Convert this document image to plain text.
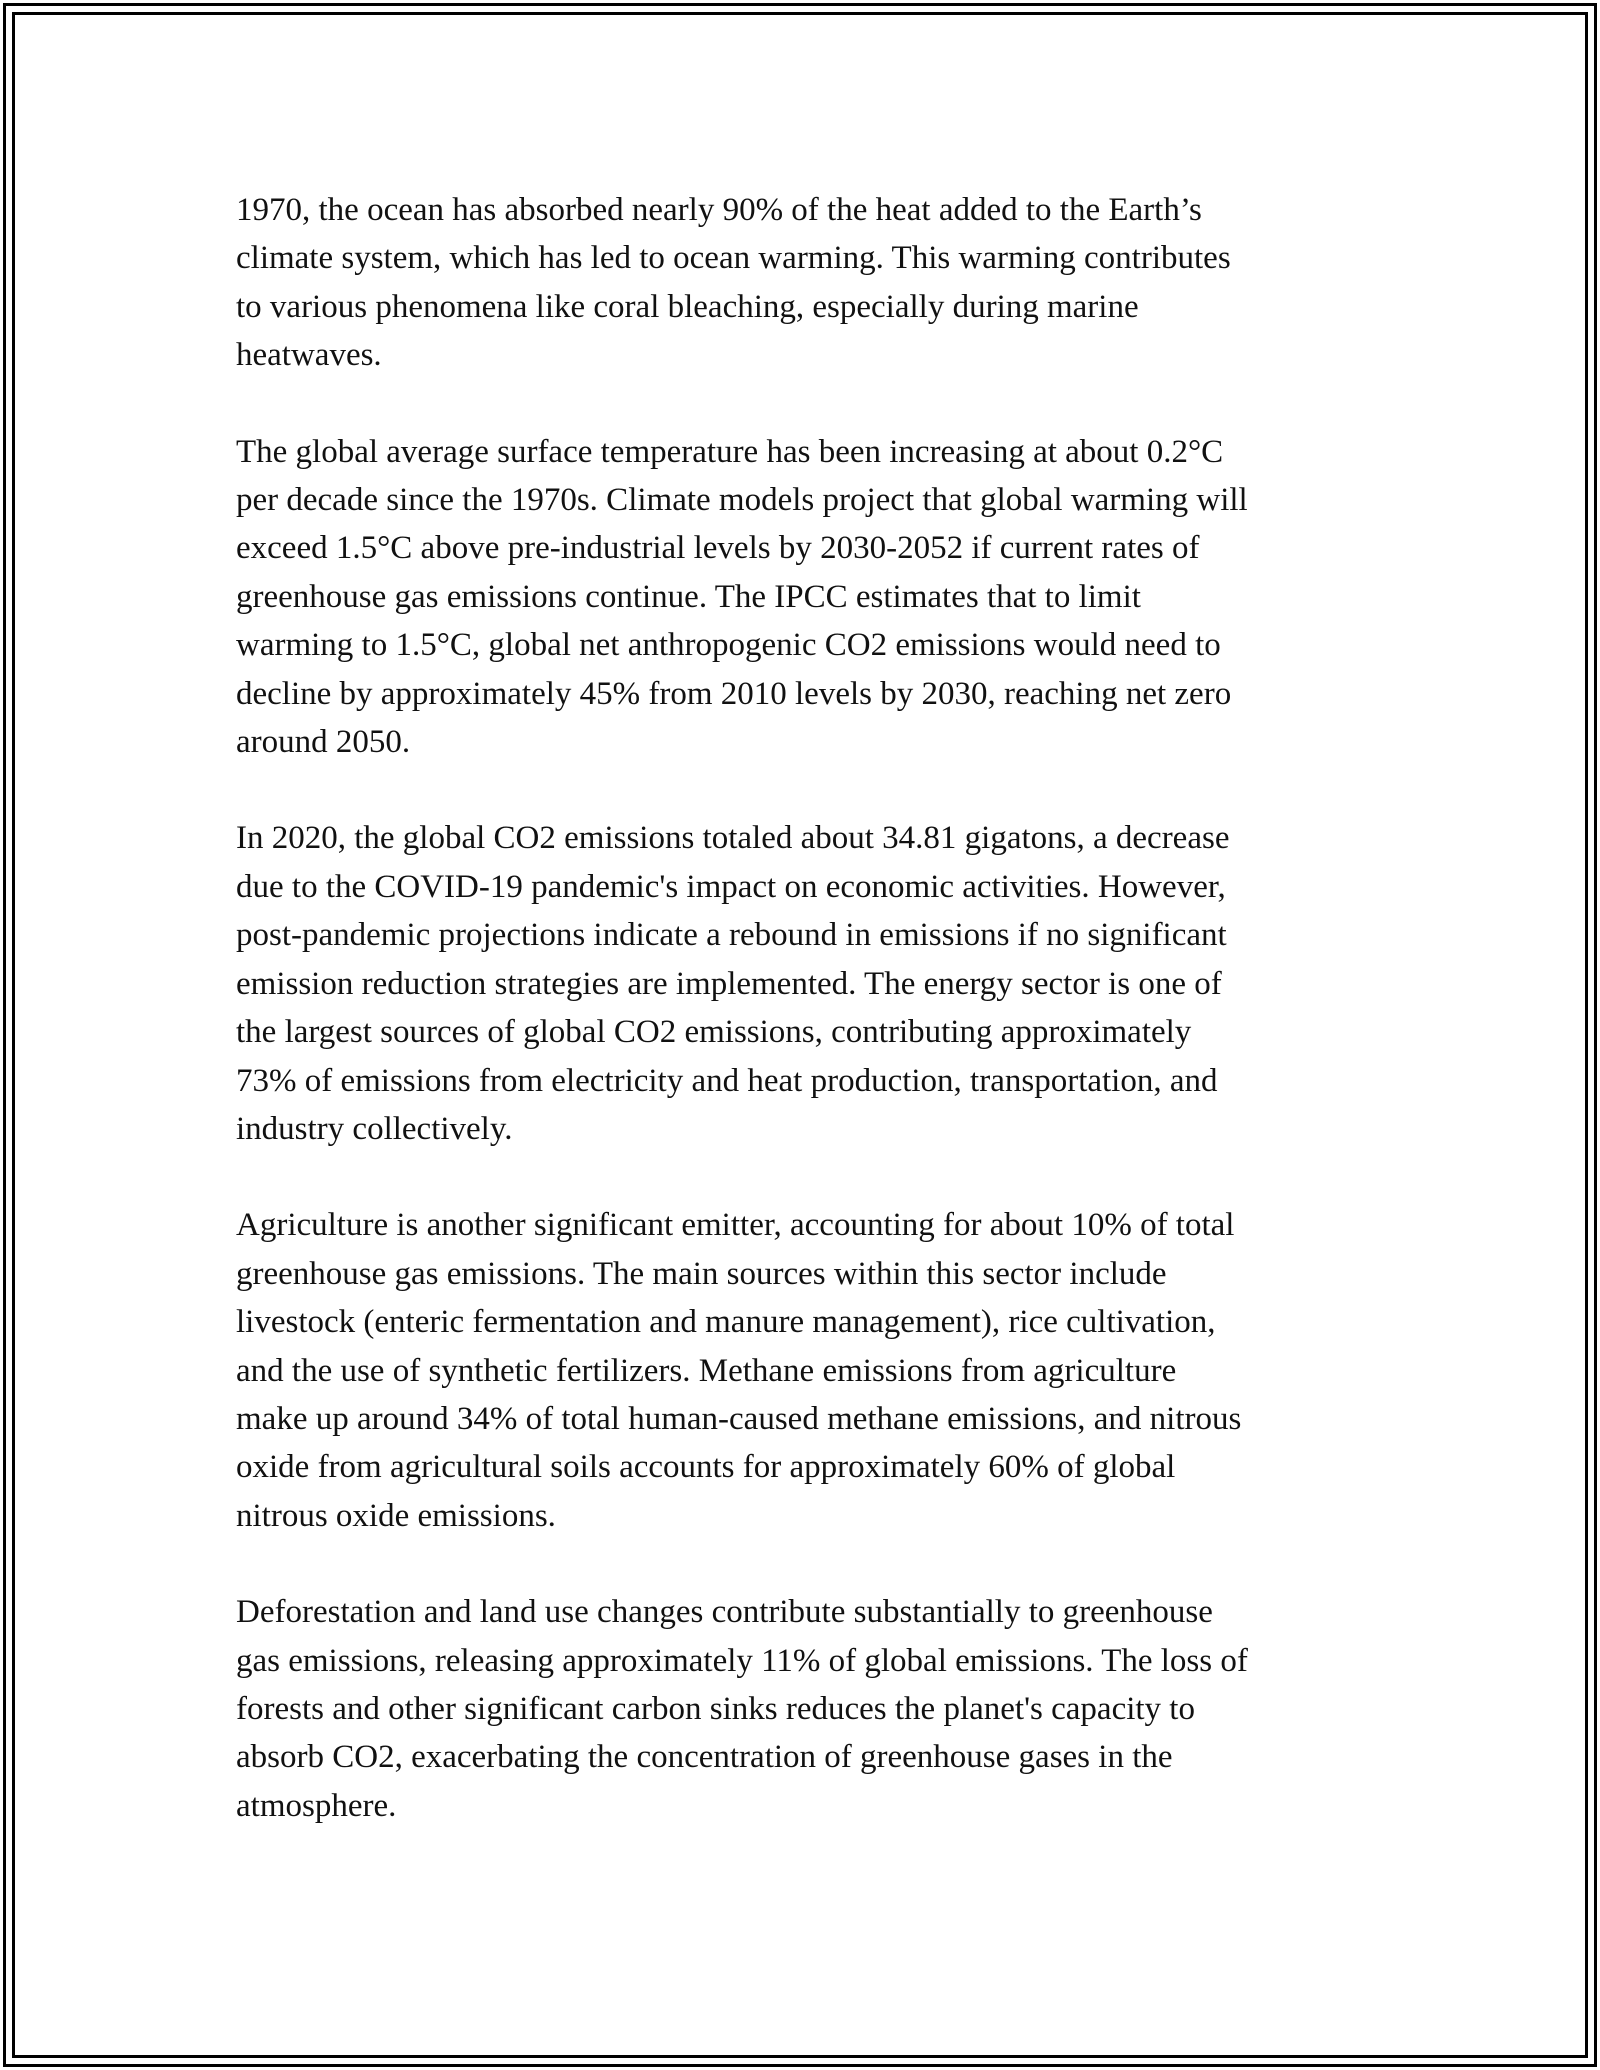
1970, the ocean has absorbed nearly 90% of the heat added to the Earth’s
climate system, which has led to ocean warming. This warming contributes
to various phenomena like coral bleaching, especially during marine
heatwaves.

The global average surface temperature has been increasing at about 0.2°C
per decade since the 1970s. Climate models project that global warming will
exceed 1.5°C above pre-industrial levels by 2030-2052 if current rates of
greenhouse gas emissions continue. The IPCC estimates that to limit
warming to 1.5°C, global net anthropogenic CO2 emissions would need to
decline by approximately 45% from 2010 levels by 2030, reaching net zero
around 2050.

In 2020, the global CO2 emissions totaled about 34.81 gigatons, a decrease
due to the COVID-19 pandemic's impact on economic activities. However,
post-pandemic projections indicate a rebound in emissions if no significant
emission reduction strategies are implemented. The energy sector is one of
the largest sources of global CO2 emissions, contributing approximately
73% of emissions from electricity and heat production, transportation, and
industry collectively.

Agriculture is another significant emitter, accounting for about 10% of total
greenhouse gas emissions. The main sources within this sector include
livestock (enteric fermentation and manure management), rice cultivation,
and the use of synthetic fertilizers. Methane emissions from agriculture
make up around 34% of total human-caused methane emissions, and nitrous
oxide from agricultural soils accounts for approximately 60% of global
nitrous oxide emissions.

Deforestation and land use changes contribute substantially to greenhouse
gas emissions, releasing approximately 11% of global emissions. The loss of
forests and other significant carbon sinks reduces the planet's capacity to
absorb CO2, exacerbating the concentration of greenhouse gases in the
atmosphere.
